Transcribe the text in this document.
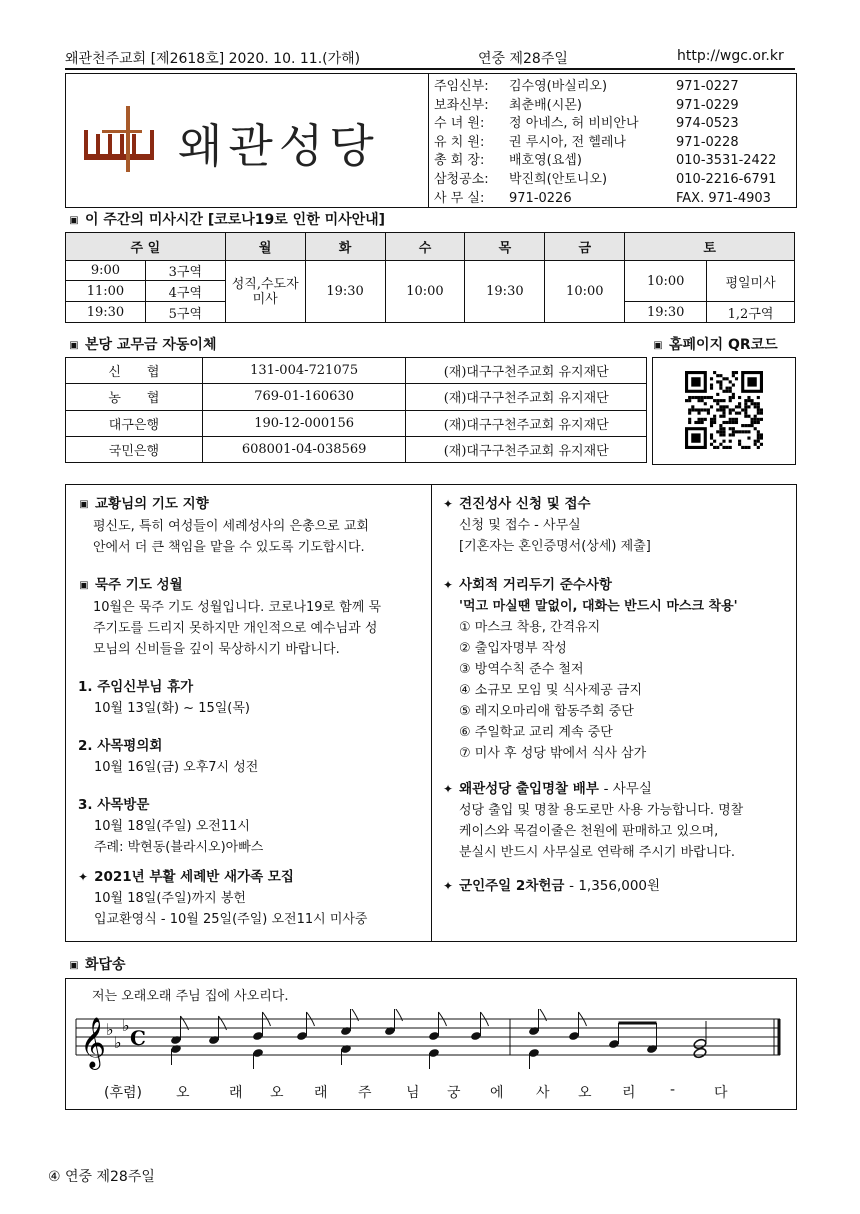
왜관천주교회 [제2618호] 2020. 10. 11.(가해)	연중 제28주일	http://wgc.or.kr
왜관성당
주임신부:	김수영(바실리오)	971-0227
보좌신부:	최춘배(시몬)	971-0229
수 녀 원:	정 아네스, 허 비비안나	974-0523
유 치 원:	권 루시아, 전 헬레나	971-0228
총 회 장:	배호영(요셉)	010-3531-2422
삼청공소:	박진희(안토니오)	010-2216-6791
사 무 실:	971-0226	FAX. 971-4903
▣ 이 주간의 미사시간 [코로나19로 인한 미사안내]
주 일		월	화	수	목	금	토	
9:00	3구역	성직,수도자 미사	19:30	10:00	19:30	10:00	10:00	평일미사
11:00	4구역							
19:30	5구역						19:30	1,2구역
▣ 본당 교무금 자동이체	▣ 홈페이지 QR코드
신　　협	131-004-721075	(재)대구구천주교회 유지재단
농　　협	769-01-160630	(재)대구구천주교회 유지재단
대구은행	190-12-000156	(재)대구구천주교회 유지재단
국민은행	608001-04-038569	(재)대구구천주교회 유지재단
▣ 교황님의 기도 지향

평신도, 특히 여성들이 세례성사의 은총으로 교회

안에서 더 큰 책임을 맡을 수 있도록 기도합시다.

▣ 묵주 기도 성월

10월은 묵주 기도 성월입니다. 코로나19로 함께 묵

주기도를 드리지 못하지만 개인적으로 예수님과 성

모님의 신비들을 깊이 묵상하시기 바랍니다.

1. 주임신부님 휴가

10월 13일(화) ~ 15일(목)

2. 사목평의회

10월 16일(금) 오후7시 성전

3. 사목방문

10월 18일(주일) 오전11시

주례: 박현동(블라시오)아빠스

✦ 2021년 부활 세례반 새가족 모집

10월 18일(주일)까지 봉헌

입교환영식 - 10월 25일(주일) 오전11시 미사중

✦ 견진성사 신청 및 접수

신청 및 접수 - 사무실

[기혼자는 혼인증명서(상세) 제출]

✦ 사회적 거리두기 준수사항

'먹고 마실땐 말없이, 대화는 반드시 마스크 착용'

① 마스크 착용, 간격유지

② 출입자명부 작성

③ 방역수칙 준수 철저

④ 소규모 모임 및 식사제공 금지

⑤ 레지오마리애 합동주회 중단

⑥ 주일학교 교리 계속 중단

⑦ 미사 후 성당 밖에서 식사 삼가

✦ 왜관성당 출입명찰 배부 - 사무실

성당 출입 및 명찰 용도로만 사용 가능합니다. 명찰

케이스와 목걸이줄은 천원에 판매하고 있으며,

분실시 반드시 사무실로 연락해 주시기 바랍니다.

✦ 군인주일 2차헌금 - 1,356,000원
▣ 화답송
저는 오래오래 주님 집에 사오리다.
𝄞 ♭
♭
♭
C
(후렴) 오	래 오 래 주 님 궁 에 사 오 리 -	다
④ 연중 제28주일
